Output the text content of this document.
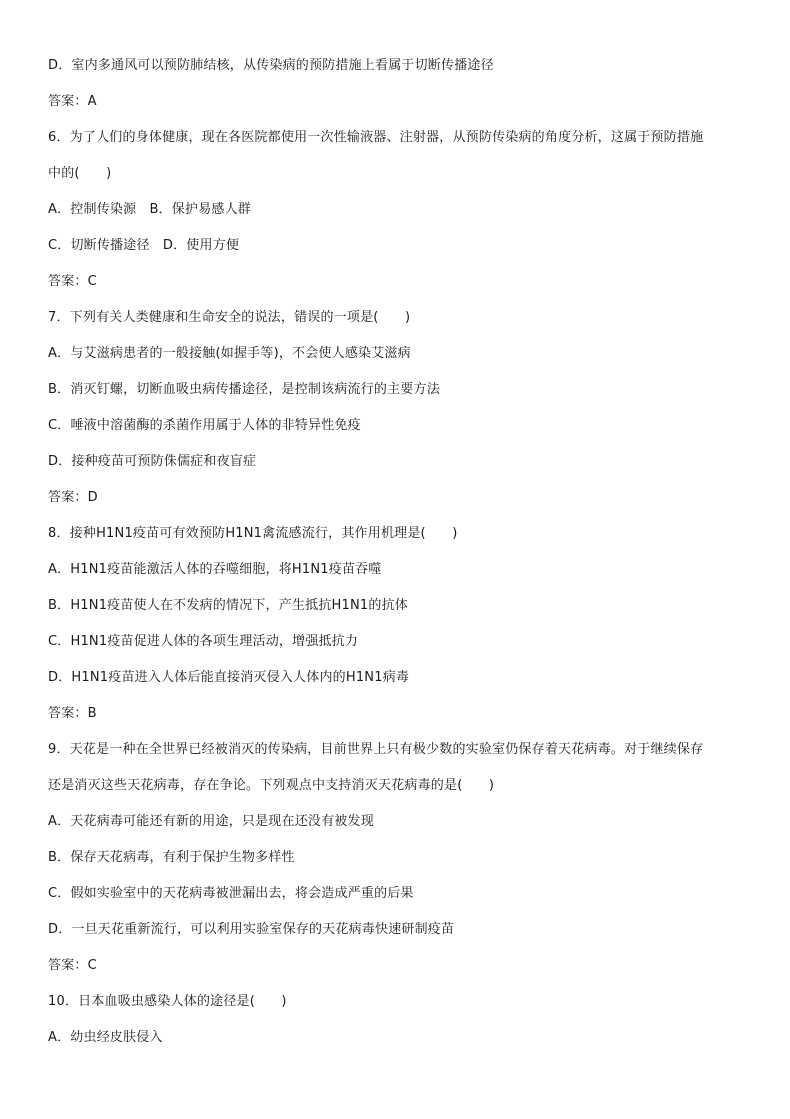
D．室内多通风可以预防肺结核，从传染病的预防措施上看属于切断传播途径
答案：A
6．为了人们的身体健康，现在各医院都使用一次性输液器、注射器，从预防传染病的角度分析，这属于预防措施
中的(　　)
A．控制传染源　B．保护易感人群
C．切断传播途径　D．使用方便
答案：C
7．下列有关人类健康和生命安全的说法，错误的一项是(　　)
A．与艾滋病患者的一般接触(如握手等)，不会使人感染艾滋病
B．消灭钉螺，切断血吸虫病传播途径，是控制该病流行的主要方法
C．唾液中溶菌酶的杀菌作用属于人体的非特异性免疫
D．接种疫苗可预防侏儒症和夜盲症
答案：D
8．接种H1N1疫苗可有效预防H1N1禽流感流行，其作用机理是(　　)
A．H1N1疫苗能激活人体的吞噬细胞，将H1N1疫苗吞噬
B．H1N1疫苗使人在不发病的情况下，产生抵抗H1N1的抗体
C．H1N1疫苗促进人体的各项生理活动，增强抵抗力
D．H1N1疫苗进入人体后能直接消灭侵入人体内的H1N1病毒
答案：B
9．天花是一种在全世界已经被消灭的传染病，目前世界上只有极少数的实验室仍保存着天花病毒。对于继续保存
还是消灭这些天花病毒，存在争论。下列观点中支持消灭天花病毒的是(　　)
A．天花病毒可能还有新的用途，只是现在还没有被发现
B．保存天花病毒，有利于保护生物多样性
C．假如实验室中的天花病毒被泄漏出去，将会造成严重的后果
D．一旦天花重新流行，可以利用实验室保存的天花病毒快速研制疫苗
答案：C
10．日本血吸虫感染人体的途径是(　　)
A．幼虫经皮肤侵入
